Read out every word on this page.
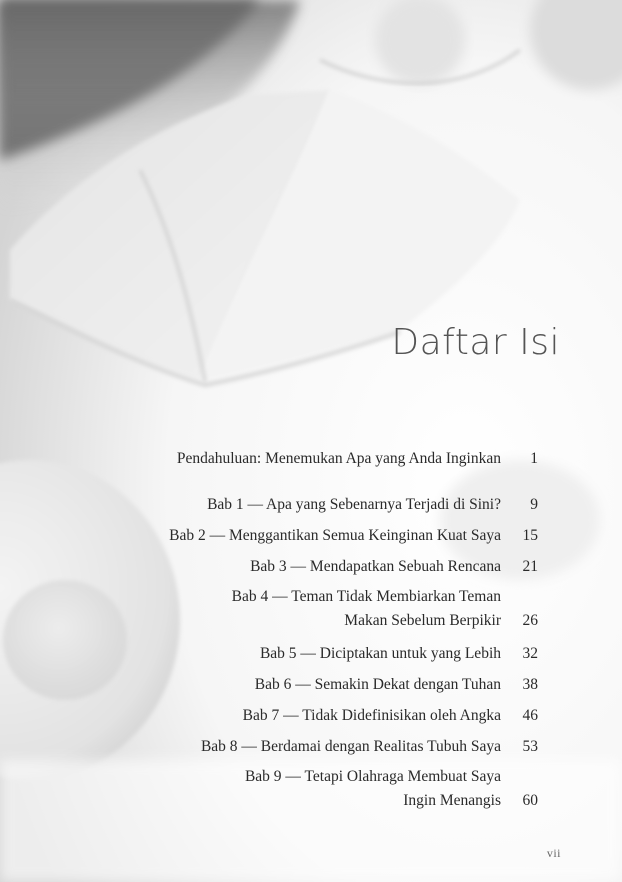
Daftar Isi
Pendahuluan: Menemukan Apa yang Anda Inginkan 1
Bab 1 — Apa yang Sebenarnya Terjadi di Sini? 9
Bab 2 — Menggantikan Semua Keinginan Kuat Saya 15
Bab 3 — Mendapatkan Sebuah Rencana 21
Bab 4 — Teman Tidak Membiarkan Teman
Makan Sebelum Berpikir 26
Bab 5 — Diciptakan untuk yang Lebih 32
Bab 6 — Semakin Dekat dengan Tuhan 38
Bab 7 — Tidak Didefinisikan oleh Angka 46
Bab 8 — Berdamai dengan Realitas Tubuh Saya 53
Bab 9 — Tetapi Olahraga Membuat Saya
Ingin Menangis 60
vii
